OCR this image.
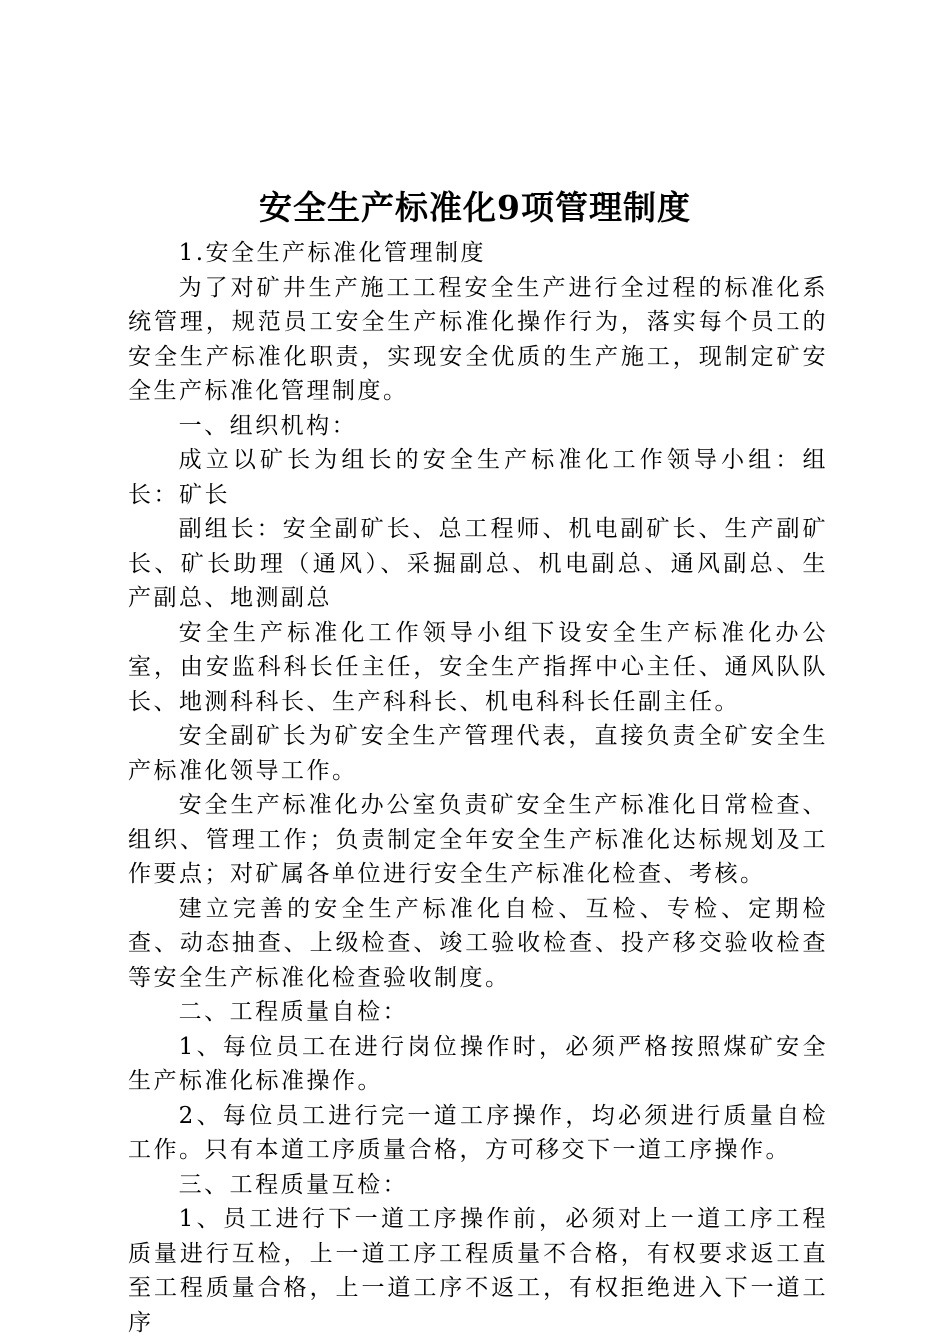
安全生产标准化9项管理制度

1.安全生产标准化管理制度

为了对矿井生产施工工程安全生产进行全过程的标准化系统管理，规范员工安全生产标准化操作行为，落实每个员工的安全生产标准化职责，实现安全优质的生产施工，现制定矿安全生产标准化管理制度。

一、组织机构：

成立以矿长为组长的安全生产标准化工作领导小组：组长：矿长

副组长：安全副矿长、总工程师、机电副矿长、生产副矿长、矿长助理（通风）、采掘副总、机电副总、通风副总、生产副总、地测副总

安全生产标准化工作领导小组下设安全生产标准化办公室，由安监科科长任主任，安全生产指挥中心主任、通风队队长、地测科科长、生产科科长、机电科科长任副主任。

安全副矿长为矿安全生产管理代表，直接负责全矿安全生产标准化领导工作。

安全生产标准化办公室负责矿安全生产标准化日常检查、组织、管理工作；负责制定全年安全生产标准化达标规划及工作要点；对矿属各单位进行安全生产标准化检查、考核。

建立完善的安全生产标准化自检、互检、专检、定期检查、动态抽查、上级检查、竣工验收检查、投产移交验收检查等安全生产标准化检查验收制度。

二、工程质量自检：

1、每位员工在进行岗位操作时，必须严格按照煤矿安全生产标准化标准操作。

2、每位员工进行完一道工序操作，均必须进行质量自检工作。只有本道工序质量合格，方可移交下一道工序操作。

三、工程质量互检：

1、员工进行下一道工序操作前，必须对上一道工序工程质量进行互检，上一道工序工程质量不合格，有权要求返工直至工程质量合格，上一道工序不返工，有权拒绝进入下一道工序
